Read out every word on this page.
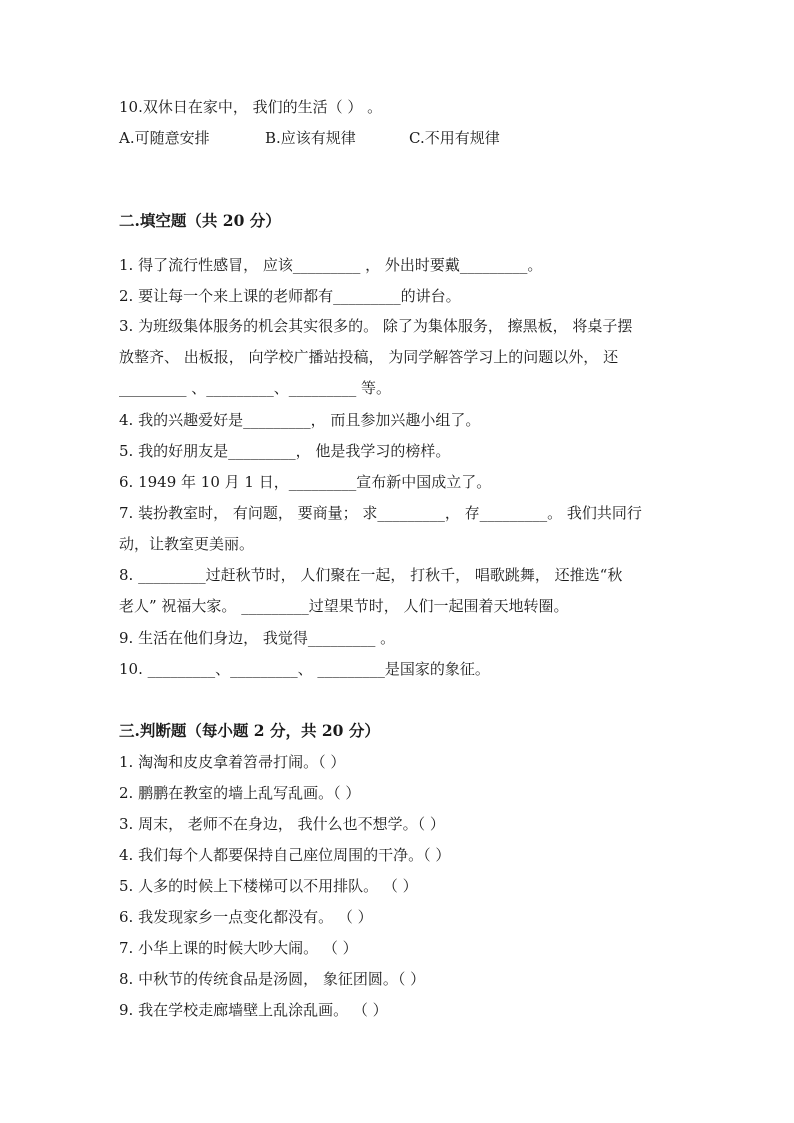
10.双休日在家中， 我们的生活（ ） 。
A.可随意安排	B.应该有规律	C.不用有规律
二.填空题（共 20 分）
1. 得了流行性感冒， 应该_________ ， 外出时要戴_________。
2. 要让每一个来上课的老师都有_________的讲台。
3. 为班级集体服务的机会其实很多的。 除了为集体服务， 擦黑板， 将桌子摆
放整齐、 出板报， 向学校广播站投稿， 为同学解答学习上的问题以外， 还
_________ 、_________、_________ 等。
4. 我的兴趣爱好是_________， 而且参加兴趣小组了。
5. 我的好朋友是_________， 他是我学习的榜样。
6. 1949 年 10 月 1 日，_________宣布新中国成立了。
7. 装扮教室时， 有问题， 要商量； 求_________， 存_________。 我们共同行
动，让教室更美丽。
8. _________过赶秋节时， 人们聚在一起， 打秋千， 唱歌跳舞， 还推选“秋
老人” 祝福大家。 _________过望果节时， 人们一起围着天地转圈。
9. 生活在他们身边， 我觉得_________ 。
10. _________、_________、 _________是国家的象征。
三.判断题（每小题 2 分，共 20 分）
1. 淘淘和皮皮拿着笤帚打闹。（ ）
2. 鹏鹏在教室的墙上乱写乱画。（ ）
3. 周末， 老师不在身边， 我什么也不想学。（ ）
4. 我们每个人都要保持自己座位周围的干净。（ ）
5. 人多的时候上下楼梯可以不用排队。 （ ）
6. 我发现家乡一点变化都没有。 （ ）
7. 小华上课的时候大吵大闹。 （ ）
8. 中秋节的传统食品是汤圆， 象征团圆。（ ）
9. 我在学校走廊墙壁上乱涂乱画。 （ ）
